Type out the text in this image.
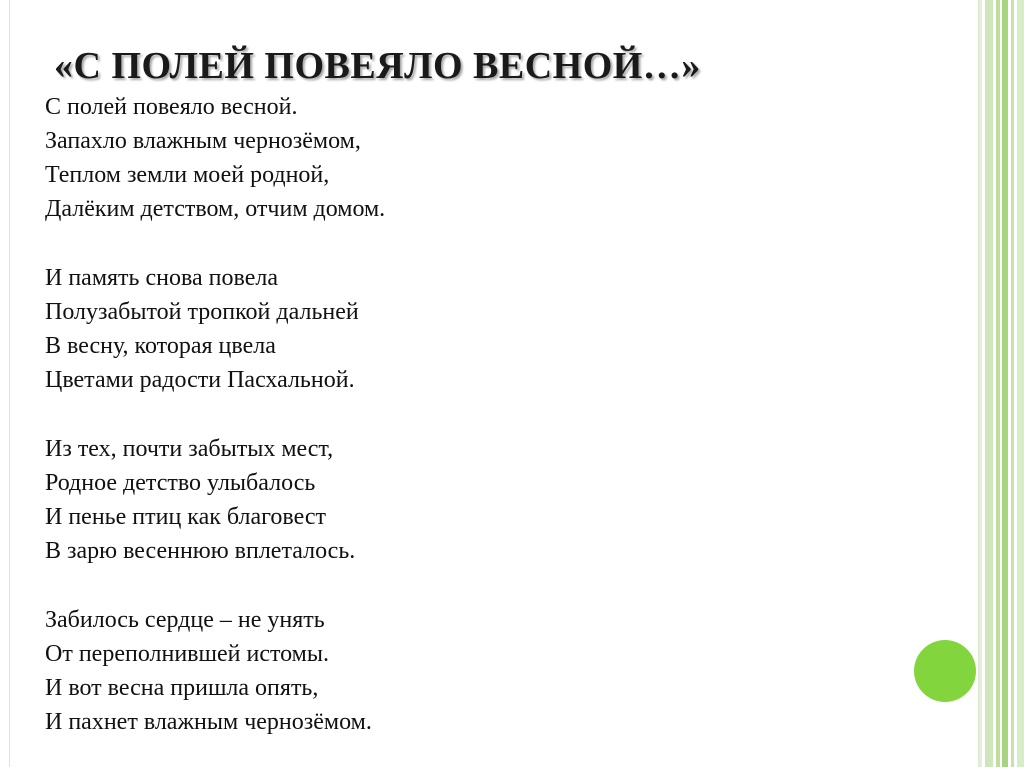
«С ПОЛЕЙ ПОВЕЯЛО ВЕСНОЙ…»
С полей повеяло весной.
Запахло влажным чернозёмом,
Теплом земли моей родной,
Далёким детством, отчим домом.
И память снова повела
Полузабытой тропкой дальней
В весну, которая цвела
Цветами радости Пасхальной.
Из тех, почти забытых мест,
Родное детство улыбалось
И пенье птиц как благовест
В зарю весеннюю вплеталось.
Забилось сердце – не унять
От переполнившей истомы.
И вот весна пришла опять,
И пахнет влажным чернозёмом.
